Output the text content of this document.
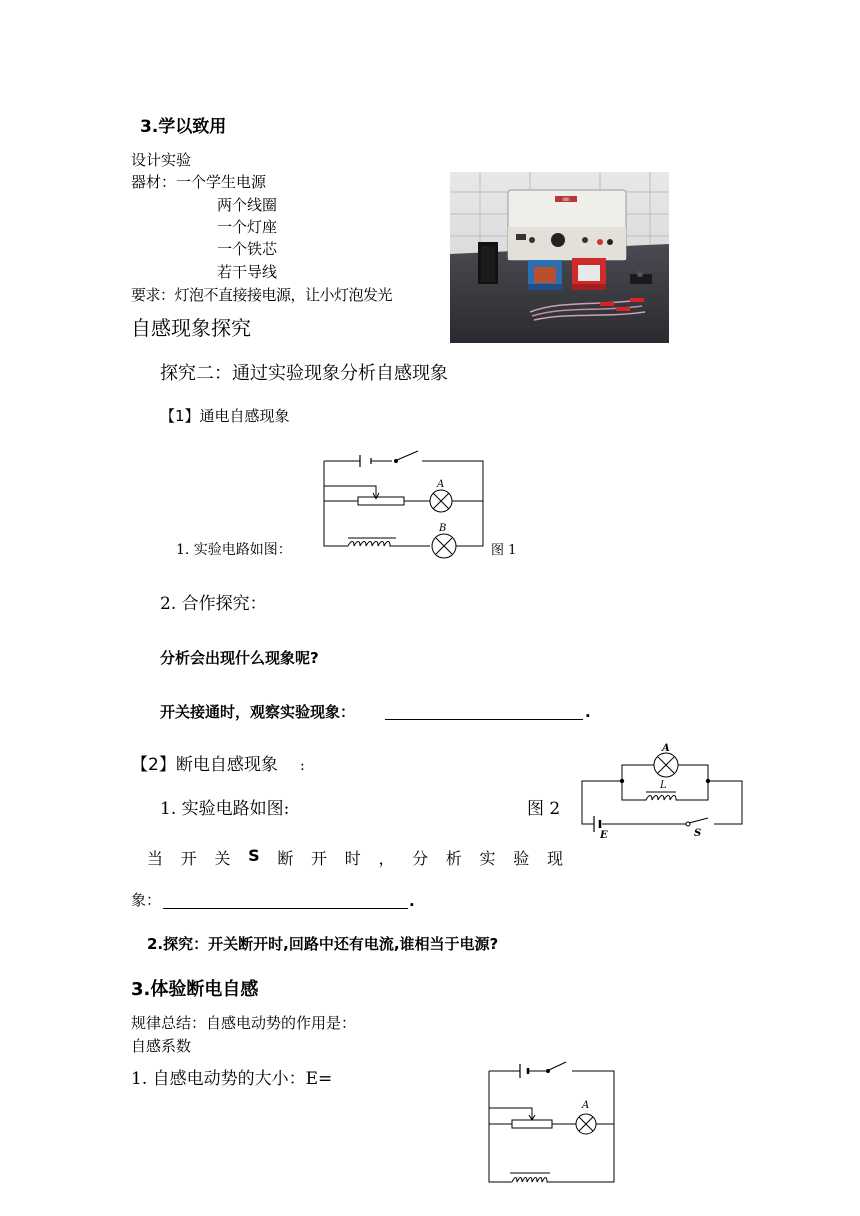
3.学以致用
设计实验
器材：一个学生电源
两个线圈
一个灯座
一个铁芯
若干导线
要求：灯泡不直接接电源，让小灯泡发光
IIIIII
自感现象探究
探究二：通过实验现象分析自感现象
【1】通电自感现象
1. 实验电路如图：	图 1
A
B
2. 合作探究：
分析会出现什么现象呢?
开关接通时，观察实验现象：	.
【2】断电自感现象 :
1. 实验电路如图:	图 2
A
L
E	S
当 开 关 S 断 开 时 ， 分 析 实 验 现
象：	.
2.探究：开关断开时,回路中还有电流,谁相当于电源?
3.体验断电自感
规律总结：自感电动势的作用是：
自感系数
1. 自感电动势的大小：E=
A
